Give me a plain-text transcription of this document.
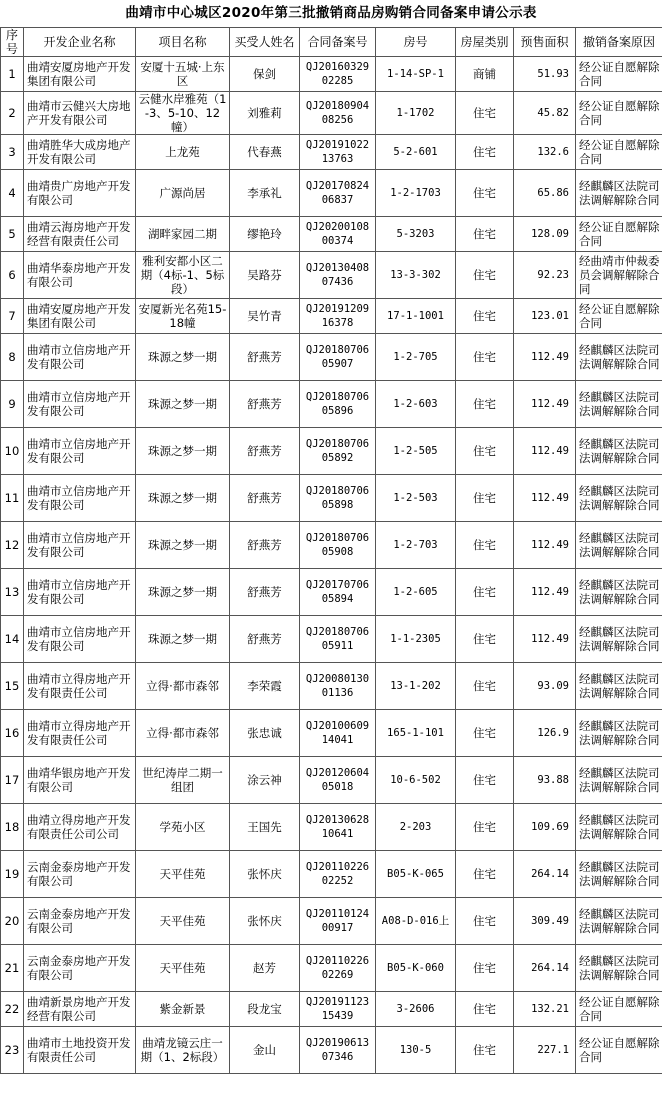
曲靖市中心城区2020年第三批撤销商品房购销合同备案申请公示表
序号	开发企业名称	项目名称	买受人姓名	合同备案号	房号	房屋类别	预售面积	撤销备案原因
1	曲靖安厦房地产开发集团有限公司	安厦十五城·上东区	保剑	QJ20160329 02285	1-14-SP-1	商铺	51.93	经公证自愿解除合同
2	曲靖市云健兴大房地产开发有限公司	云健水岸雅苑（1-3、5-10、12幢）	刘雅莉	QJ20180904 08256	1-1702	住宅	45.82	经公证自愿解除合同
3	曲靖胜华大成房地产开发有限公司	上龙苑	代春燕	QJ20191022 13763	5-2-601	住宅	132.6	经公证自愿解除合同
4	曲靖贵广房地产开发有限公司	广源尚居	李承礼	QJ20170824 06837	1-2-1703	住宅	65.86	经麒麟区法院司法调解解除合同
5	曲靖云海房地产开发经营有限责任公司	湖畔家园二期	缪艳玲	QJ20200108 00374	5-3203	住宅	128.09	经公证自愿解除合同
6	曲靖华泰房地产开发有限公司	雅利安都小区二期（4标-1、5标段）	吴路芬	QJ20130408 07436	13-3-302	住宅	92.23	经曲靖市仲裁委员会调解解除合同
7	曲靖安厦房地产开发集团有限公司	安厦新光名苑15-18幢	吴竹青	QJ20191209 16378	17-1-1001	住宅	123.01	经公证自愿解除合同
8	曲靖市立信房地产开发有限公司	珠源之梦一期	舒燕芳	QJ20180706 05907	1-2-705	住宅	112.49	经麒麟区法院司法调解解除合同
9	曲靖市立信房地产开发有限公司	珠源之梦一期	舒燕芳	QJ20180706 05896	1-2-603	住宅	112.49	经麒麟区法院司法调解解除合同
10	曲靖市立信房地产开发有限公司	珠源之梦一期	舒燕芳	QJ20180706 05892	1-2-505	住宅	112.49	经麒麟区法院司法调解解除合同
11	曲靖市立信房地产开发有限公司	珠源之梦一期	舒燕芳	QJ20180706 05898	1-2-503	住宅	112.49	经麒麟区法院司法调解解除合同
12	曲靖市立信房地产开发有限公司	珠源之梦一期	舒燕芳	QJ20180706 05908	1-2-703	住宅	112.49	经麒麟区法院司法调解解除合同
13	曲靖市立信房地产开发有限公司	珠源之梦一期	舒燕芳	QJ20170706 05894	1-2-605	住宅	112.49	经麒麟区法院司法调解解除合同
14	曲靖市立信房地产开发有限公司	珠源之梦一期	舒燕芳	QJ20180706 05911	1-1-2305	住宅	112.49	经麒麟区法院司法调解解除合同
15	曲靖市立得房地产开发有限责任公司	立得·都市森邻	李荣霞	QJ20080130 01136	13-1-202	住宅	93.09	经麒麟区法院司法调解解除合同
16	曲靖市立得房地产开发有限责任公司	立得·都市森邻	张忠诚	QJ20100609 14041	165-1-101	住宅	126.9	经麒麟区法院司法调解解除合同
17	曲靖华银房地产开发有限公司	世纪涛岸二期一组团	涂云神	QJ20120604 05018	10-6-502	住宅	93.88	经麒麟区法院司法调解解除合同
18	曲靖立得房地产开发有限责任公司公司	学苑小区	王国先	QJ20130628 10641	2-203	住宅	109.69	经麒麟区法院司法调解解除合同
19	云南金泰房地产开发有限公司	天平佳苑	张怀庆	QJ20110226 02252	B05-K-065	住宅	264.14	经麒麟区法院司法调解解除合同
20	云南金泰房地产开发有限公司	天平佳苑	张怀庆	QJ20110124 00917	A08-D-016上	住宅	309.49	经麒麟区法院司法调解解除合同
21	云南金泰房地产开发有限公司	天平佳苑	赵芳	QJ20110226 02269	B05-K-060	住宅	264.14	经麒麟区法院司法调解解除合同
22	曲靖新景房地产开发经营有限公司	紫金新景	段龙宝	QJ20191123 15439	3-2606	住宅	132.21	经公证自愿解除合同
23	曲靖市土地投资开发有限责任公司	曲靖龙镜云庄一期（1、2标段）	金山	QJ20190613 07346	130-5	住宅	227.1	经公证自愿解除合同
